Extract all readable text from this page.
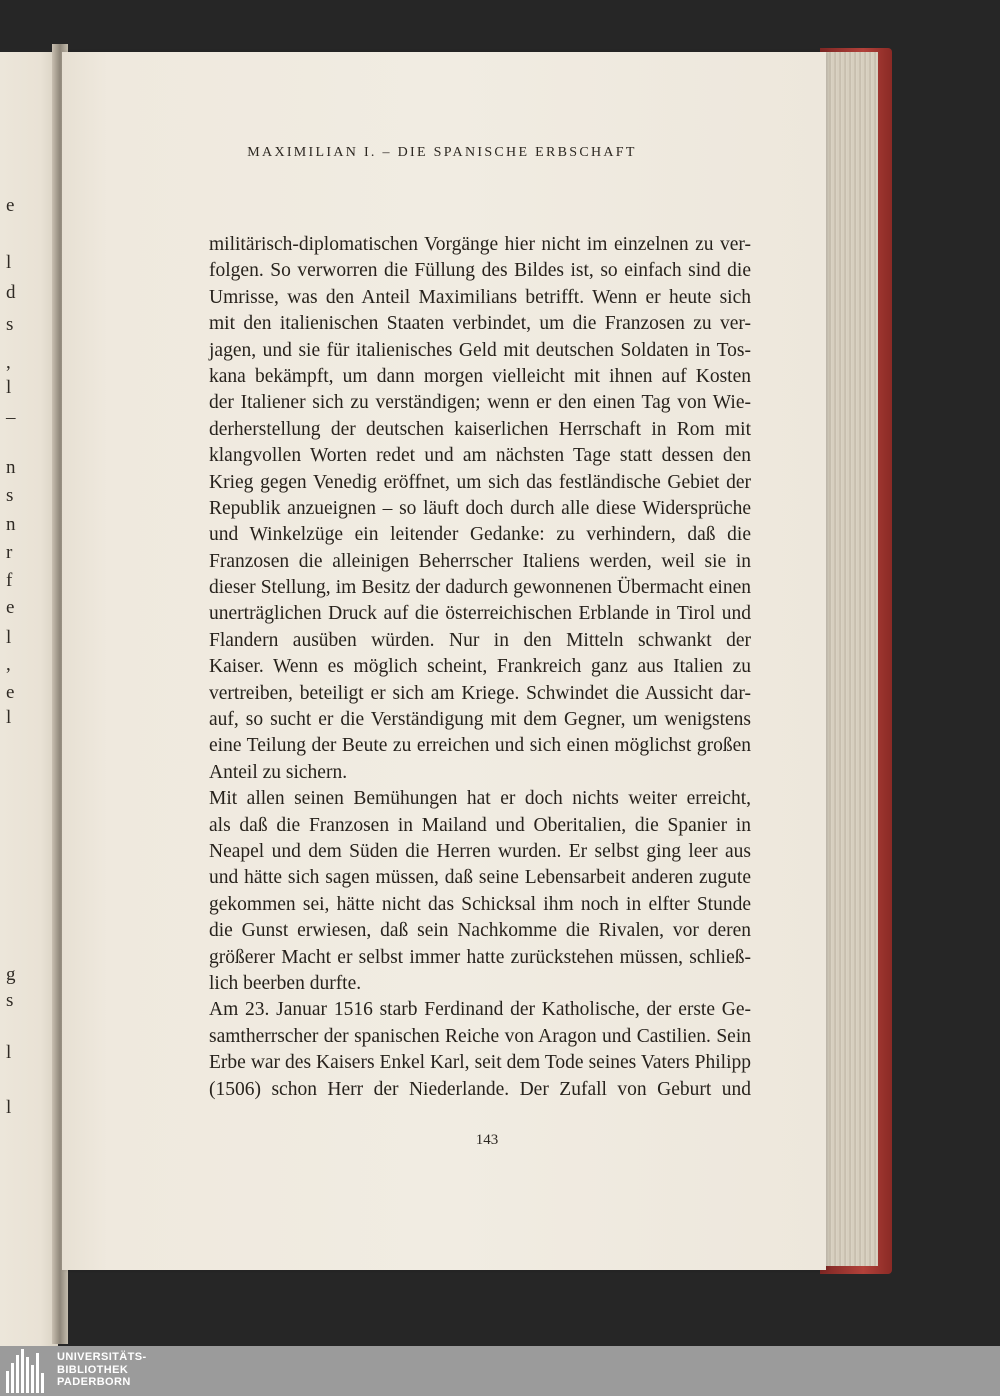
e
l
d
s
,
l
–
n
s
n
r
f
e
l
,
e
l
g
s
l
l
MAXIMILIAN I. – DIE SPANISCHE ERBSCHAFT
militärisch-diplomatischen Vorgänge hier nicht im einzelnen zu ver-
folgen. So verworren die Füllung des Bildes ist, so einfach sind die
Umrisse, was den Anteil Maximilians betrifft. Wenn er heute sich
mit den italienischen Staaten verbindet, um die Franzosen zu ver-
jagen, und sie für italienisches Geld mit deutschen Soldaten in Tos-
kana bekämpft, um dann morgen vielleicht mit ihnen auf Kosten
der Italiener sich zu verständigen; wenn er den einen Tag von Wie-
derherstellung der deutschen kaiserlichen Herrschaft in Rom mit
klangvollen Worten redet und am nächsten Tage statt dessen den
Krieg gegen Venedig eröffnet, um sich das festländische Gebiet der
Republik anzueignen – so läuft doch durch alle diese Widersprüche
und Winkelzüge ein leitender Gedanke: zu verhindern, daß die
Franzosen die alleinigen Beherrscher Italiens werden, weil sie in
dieser Stellung, im Besitz der dadurch gewonnenen Übermacht einen
unerträglichen Druck auf die österreichischen Erblande in Tirol und
Flandern ausüben würden. Nur in den Mitteln schwankt der
Kaiser. Wenn es möglich scheint, Frankreich ganz aus Italien zu
vertreiben, beteiligt er sich am Kriege. Schwindet die Aussicht dar-
auf, so sucht er die Verständigung mit dem Gegner, um wenigstens
eine Teilung der Beute zu erreichen und sich einen möglichst großen
Anteil zu sichern.
Mit allen seinen Bemühungen hat er doch nichts weiter erreicht,
als daß die Franzosen in Mailand und Oberitalien, die Spanier in
Neapel und dem Süden die Herren wurden. Er selbst ging leer aus
und hätte sich sagen müssen, daß seine Lebensarbeit anderen zugute
gekommen sei, hätte nicht das Schicksal ihm noch in elfter Stunde
die Gunst erwiesen, daß sein Nachkomme die Rivalen, vor deren
größerer Macht er selbst immer hatte zurückstehen müssen, schließ-
lich beerben durfte.
Am 23. Januar 1516 starb Ferdinand der Katholische, der erste Ge-
samtherrscher der spanischen Reiche von Aragon und Castilien. Sein
Erbe war des Kaisers Enkel Karl, seit dem Tode seines Vaters Philipp
(1506) schon Herr der Niederlande. Der Zufall von Geburt und
143
UNIVERSITÄTS-
BIBLIOTHEK
PADERBORN
